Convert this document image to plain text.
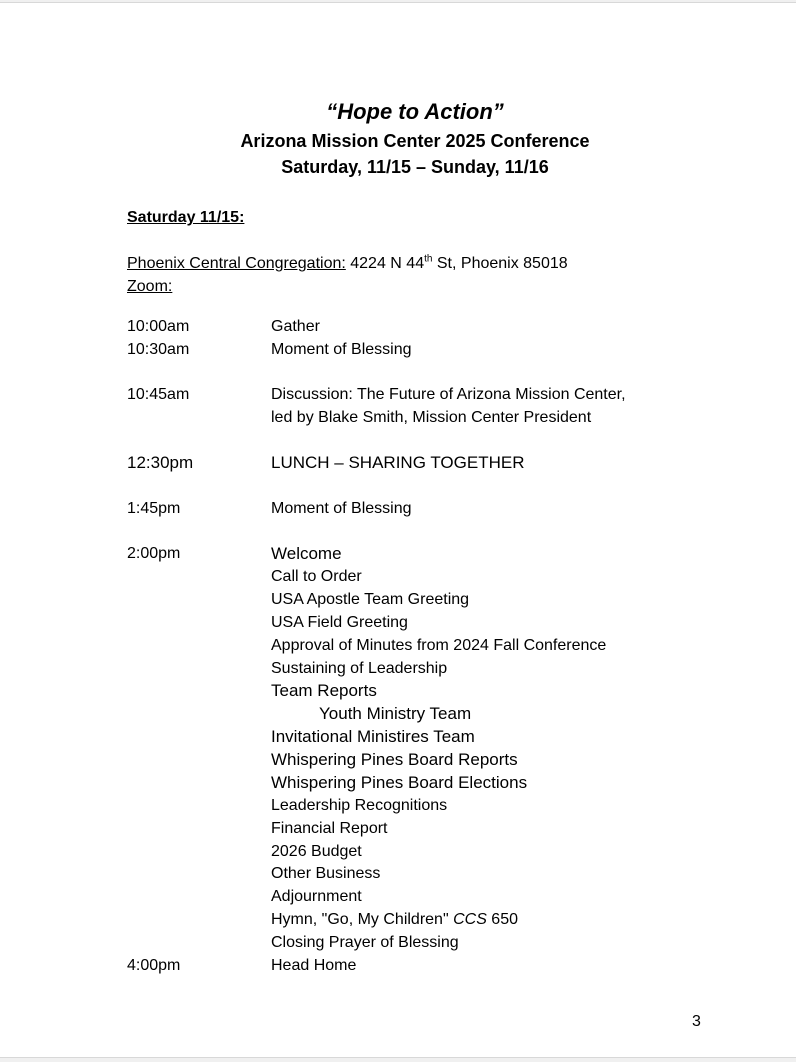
“Hope to Action”
Arizona Mission Center 2025 Conference
Saturday, 11/15 – Sunday, 11/16
Saturday 11/15:
Phoenix Central Congregation: 4224 N 44th St, Phoenix 85018
Zoom:
10:00am	Gather
10:30am	Moment of Blessing
10:45am	Discussion: The Future of Arizona Mission Center,
led by Blake Smith, Mission Center President
12:30pm	LUNCH – SHARING TOGETHER
1:45pm	Moment of Blessing
2:00pm	Welcome
Call to Order
USA Apostle Team Greeting
USA Field Greeting
Approval of Minutes from 2024 Fall Conference
Sustaining of Leadership
Team Reports
Youth Ministry Team
Invitational Ministires Team
Whispering Pines Board Reports
Whispering Pines Board Elections
Leadership Recognitions
Financial Report
2026 Budget
Other Business
Adjournment
Hymn, "Go, My Children" CCS 650
Closing Prayer of Blessing
4:00pm	Head Home
3
